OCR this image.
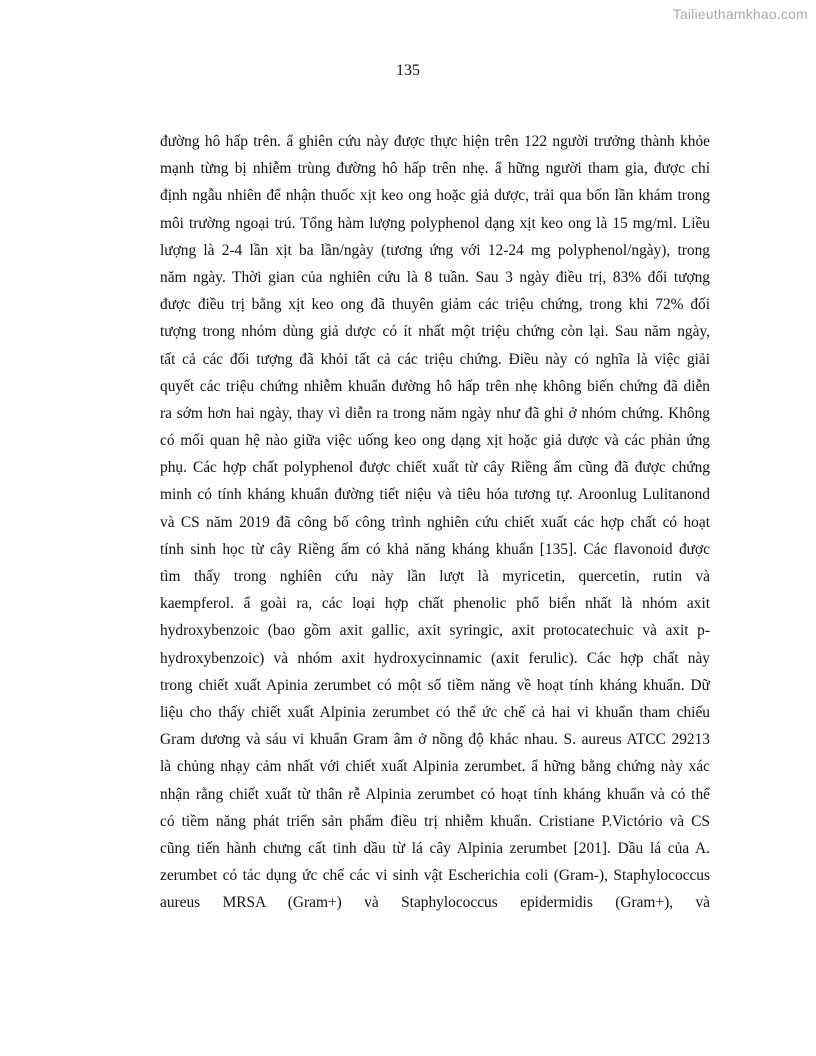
Tailieuthamkhao.com
135
đường hô hấp trên. ẩ ghiên cứu này được thực hiện trên 122 người trưởng thành khỏe
mạnh từng bị nhiễm trùng đường hô hấp trên nhẹ. ẩ hững người tham gia, được chỉ
định ngẫu nhiên để nhận thuốc xịt keo ong hoặc giả dược, trải qua bốn lần khám trong
môi trường ngoại trú. Tổng hàm lượng polyphenol dạng xịt keo ong là 15 mg/ml. Liều
lượng là 2-4 lần xịt ba lần/ngày (tương ứng với 12-24 mg polyphenol/ngày), trong
năm ngày. Thời gian của nghiên cứu là 8 tuần. Sau 3 ngày điều trị, 83% đối tượng
được điều trị bằng xịt keo ong đã thuyên giảm các triệu chứng, trong khi 72% đối
tượng trong nhóm dùng giả dược có ít nhất một triệu chứng còn lại. Sau năm ngày,
tất cả các đối tượng đã khỏi tất cả các triệu chứng. Điều này có nghĩa là việc giải
quyết các triệu chứng nhiễm khuẩn đường hô hấp trên nhẹ không biến chứng đã diễn
ra sớm hơn hai ngày, thay vì diễn ra trong năm ngày như đã ghi ở nhóm chứng. Không
có mối quan hệ nào giữa việc uống keo ong dạng xịt hoặc giả dược và các phản ứng
phụ. Các hợp chất polyphenol được chiết xuất từ cây Riềng ấm cũng đã được chứng
minh có tính kháng khuẩn đường tiết niệu và tiêu hóa tương tự. Aroonlug Lulitanond
và CS năm 2019 đã công bố công trình nghiên cứu chiết xuất các hợp chất có hoạt
tính sinh học từ cây Riềng ấm có khả năng kháng khuẩn [135]. Các flavonoid được
tìm thấy trong nghiên cứu này lần lượt là myricetin, quercetin, rutin và
kaempferol. ẩ goài ra, các loại hợp chất phenolic phổ biến nhất là nhóm axit
hydroxybenzoic (bao gồm axit gallic, axit syringic, axit protocatechuic và axit p-
hydroxybenzoic) và nhóm axit hydroxycinnamic (axit ferulic). Các hợp chất này
trong chiết xuất Apinia zerumbet có một số tiềm năng về hoạt tính kháng khuẩn. Dữ
liệu cho thấy chiết xuất Alpinia zerumbet có thể ức chế cả hai vi khuẩn tham chiếu
Gram dương và sáu vi khuẩn Gram âm ở nồng độ khác nhau. S. aureus ATCC 29213
là chủng nhạy cảm nhất với chiết xuất Alpinia zerumbet. ẩ hững bằng chứng này xác
nhận rằng chiết xuất từ thân rễ Alpinia zerumbet có hoạt tính kháng khuẩn và có thể
có tiềm năng phát triển sản phẩm điều trị nhiễm khuẩn. Cristiane P.Victório và CS
cũng tiến hành chưng cất tinh dầu từ lá cây Alpinia zerumbet [201]. Dầu lá của A.
zerumbet có tác dụng ức chế các vi sinh vật Escherichia coli (Gram-), Staphylococcus
aureus MRSA (Gram+) và Staphylococcus epidermidis (Gram+), và
